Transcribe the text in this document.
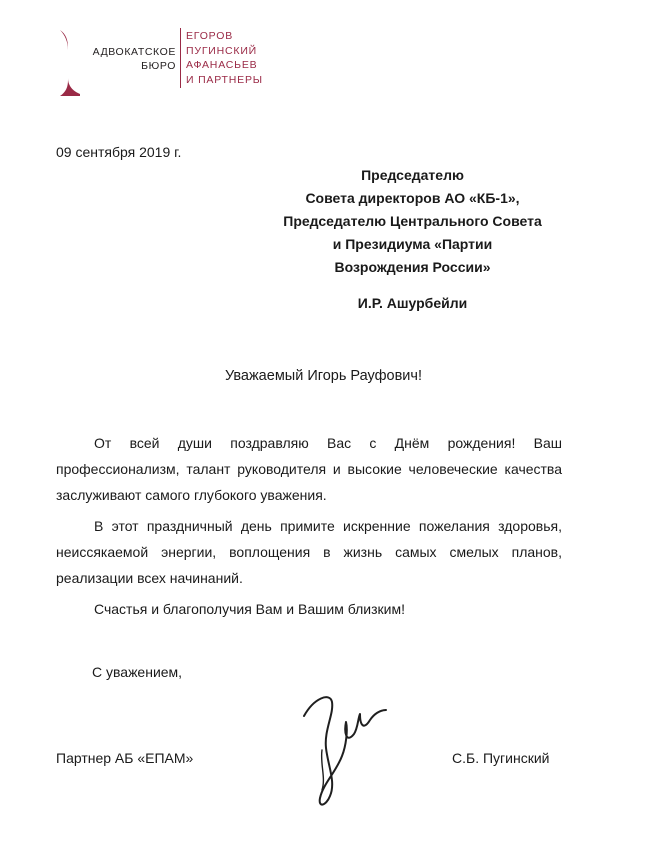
АДВОКАТСКОЕ
БЮРО
ЕГОРОВ
ПУГИНСКИЙ
АФАНАСЬЕВ
И ПАРТНЕРЫ
09 сентября 2019 г.
Председателю
Совета директоров АО «КБ-1»,
Председателю Центрального Совета
и Президиума «Партии
Возрождения России»
И.Р. Ашурбейли
Уважаемый Игорь Рауфович!

От всей души поздравляю Вас с Днём рождения! Ваш профессионализм, талант руководителя и высокие человеческие качества заслуживают самого глубокого уважения.

В этот праздничный день примите искренние пожелания здоровья, неиссякаемой энергии, воплощения в жизнь самых смелых планов, реализации всех начинаний.

Счастья и благополучия Вам и Вашим близким!

С уважением,
Партнер АБ «ЕПАМ»	С.Б. Пугинский
